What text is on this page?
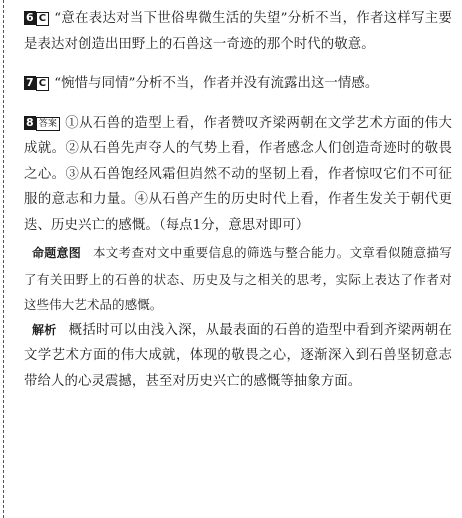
6 C “意在表达对当下世俗卑微生活的失望”分析不当，作者这样写主要是表达对创造出田野上的石兽这一奇迹的那个时代的敬意。

7 C “惋惜与同情”分析不当，作者并没有流露出这一情感。

8 答案 ①从石兽的造型上看，作者赞叹齐梁两朝在文学艺术方面的伟大成就。②从石兽先声夺人的气势上看，作者感念人们创造奇迹时的敬畏之心。③从石兽饱经风霜但岿然不动的坚韧上看，作者惊叹它们不可征服的意志和力量。④从石兽产生的历史时代上看，作者生发关于朝代更迭、历史兴亡的感慨。（每点1分，意思对即可）

命题意图 本文考查对文中重要信息的筛选与整合能力。文章看似随意描写了有关田野上的石兽的状态、历史及与之相关的思考，实际上表达了作者对这些伟大艺术品的感慨。

解析 概括时可以由浅入深，从最表面的石兽的造型中看到齐梁两朝在文学艺术方面的伟大成就，体现的敬畏之心，逐渐深入到石兽坚韧意志带给人的心灵震撼，甚至对历史兴亡的感慨等抽象方面。
